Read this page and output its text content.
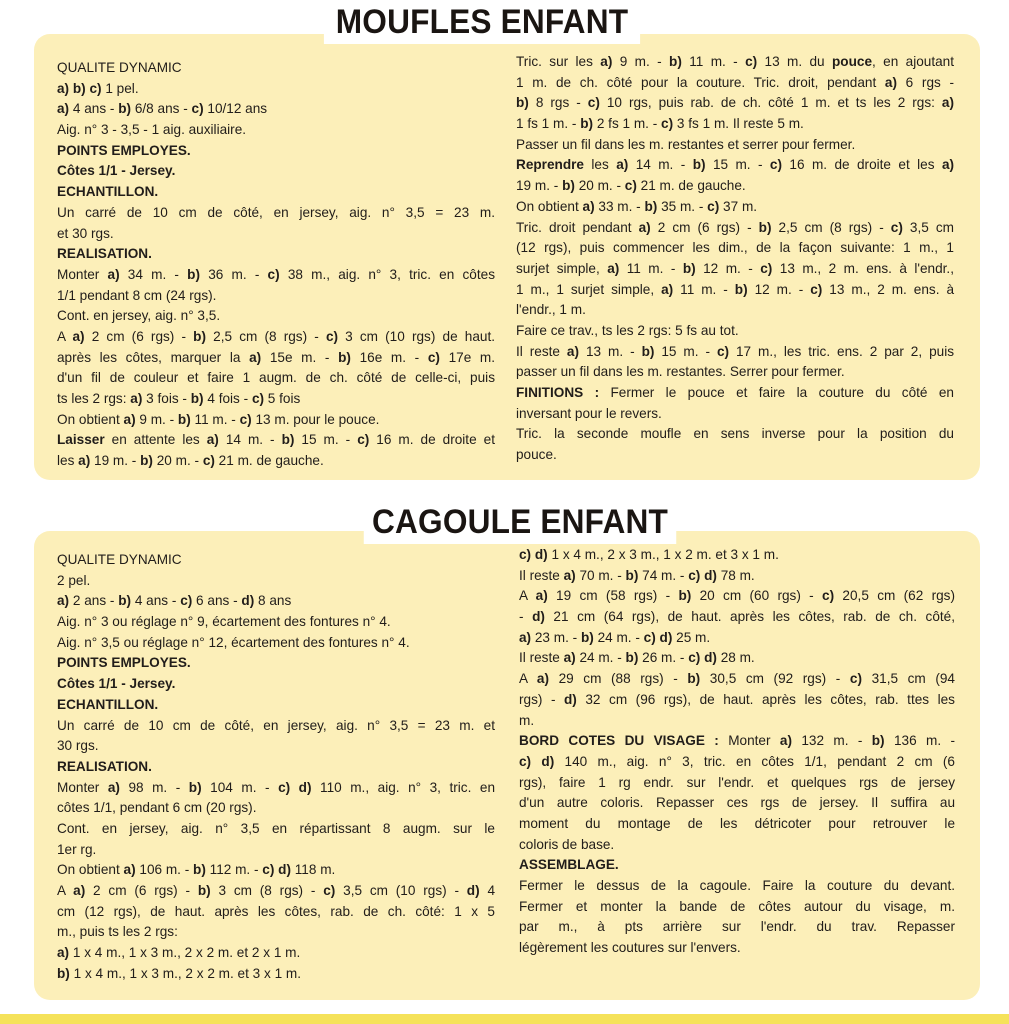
MOUFLES ENFANT
CAGOULE ENFANT
QUALITE DYNAMIC
a) b) c) 1 pel.
a) 4 ans - b) 6/8 ans - c) 10/12 ans
Aig. n° 3 - 3,5 - 1 aig. auxiliaire.
POINTS EMPLOYES.
Côtes 1/1 - Jersey.
ECHANTILLON.
Un carré de 10 cm de côté, en jersey, aig. n° 3,5 = 23 m.
et 30 rgs.
REALISATION.
Monter a) 34 m. - b) 36 m. - c) 38 m., aig. n° 3, tric. en côtes
1/1 pendant 8 cm (24 rgs).
Cont. en jersey, aig. n° 3,5.
A a) 2 cm (6 rgs) - b) 2,5 cm (8 rgs) - c) 3 cm (10 rgs) de haut.
après les côtes, marquer la a) 15e m. - b) 16e m. - c) 17e m.
d'un fil de couleur et faire 1 augm. de ch. côté de celle-ci, puis
ts les 2 rgs: a) 3 fois - b) 4 fois - c) 5 fois
On obtient a) 9 m. - b) 11 m. - c) 13 m. pour le pouce.
Laisser en attente les a) 14 m. - b) 15 m. - c) 16 m. de droite et
les a) 19 m. - b) 20 m. - c) 21 m. de gauche.
Tric. sur les a) 9 m. - b) 11 m. - c) 13 m. du pouce, en ajoutant
1 m. de ch. côté pour la couture. Tric. droit, pendant a) 6 rgs -
b) 8 rgs - c) 10 rgs, puis rab. de ch. côté 1 m. et ts les 2 rgs: a)
1 fs 1 m. - b) 2 fs 1 m. - c) 3 fs 1 m. Il reste 5 m.
Passer un fil dans les m. restantes et serrer pour fermer.
Reprendre les a) 14 m. - b) 15 m. - c) 16 m. de droite et les a)
19 m. - b) 20 m. - c) 21 m. de gauche.
On obtient a) 33 m. - b) 35 m. - c) 37 m.
Tric. droit pendant a) 2 cm (6 rgs) - b) 2,5 cm (8 rgs) - c) 3,5 cm
(12 rgs), puis commencer les dim., de la façon suivante: 1 m., 1
surjet simple, a) 11 m. - b) 12 m. - c) 13 m., 2 m. ens. à l'endr.,
1 m., 1 surjet simple, a) 11 m. - b) 12 m. - c) 13 m., 2 m. ens. à
l'endr., 1 m.
Faire ce trav., ts les 2 rgs: 5 fs au tot.
Il reste a) 13 m. - b) 15 m. - c) 17 m., les tric. ens. 2 par 2, puis
passer un fil dans les m. restantes. Serrer pour fermer.
FINITIONS : Fermer le pouce et faire la couture du côté en
inversant pour le revers.
Tric. la seconde moufle en sens inverse pour la position du
pouce.
QUALITE DYNAMIC
2 pel.
a) 2 ans - b) 4 ans - c) 6 ans - d) 8 ans
Aig. n° 3 ou réglage n° 9, écartement des fontures n° 4.
Aig. n° 3,5 ou réglage n° 12, écartement des fontures n° 4.
POINTS EMPLOYES.
Côtes 1/1 - Jersey.
ECHANTILLON.
Un carré de 10 cm de côté, en jersey, aig. n° 3,5 = 23 m. et
30 rgs.
REALISATION.
Monter a) 98 m. - b) 104 m. - c) d) 110 m., aig. n° 3, tric. en
côtes 1/1, pendant 6 cm (20 rgs).
Cont. en jersey, aig. n° 3,5 en répartissant 8 augm. sur le
1er rg.
On obtient a) 106 m. - b) 112 m. - c) d) 118 m.
A a) 2 cm (6 rgs) - b) 3 cm (8 rgs) - c) 3,5 cm (10 rgs) - d) 4
cm (12 rgs), de haut. après les côtes, rab. de ch. côté: 1 x 5
m., puis ts les 2 rgs:
a) 1 x 4 m., 1 x 3 m., 2 x 2 m. et 2 x 1 m.
b) 1 x 4 m., 1 x 3 m., 2 x 2 m. et 3 x 1 m.
c) d) 1 x 4 m., 2 x 3 m., 1 x 2 m. et 3 x 1 m.
Il reste a) 70 m. - b) 74 m. - c) d) 78 m.
A a) 19 cm (58 rgs) - b) 20 cm (60 rgs) - c) 20,5 cm (62 rgs)
- d) 21 cm (64 rgs), de haut. après les côtes, rab. de ch. côté,
a) 23 m. - b) 24 m. - c) d) 25 m.
Il reste a) 24 m. - b) 26 m. - c) d) 28 m.
A a) 29 cm (88 rgs) - b) 30,5 cm (92 rgs) - c) 31,5 cm (94
rgs) - d) 32 cm (96 rgs), de haut. après les côtes, rab. ttes les
m.
BORD COTES DU VISAGE : Monter a) 132 m. - b) 136 m. -
c) d) 140 m., aig. n° 3, tric. en côtes 1/1, pendant 2 cm (6
rgs), faire 1 rg endr. sur l'endr. et quelques rgs de jersey
d'un autre coloris. Repasser ces rgs de jersey. Il suffira au
moment du montage de les détricoter pour retrouver le
coloris de base.
ASSEMBLAGE.
Fermer le dessus de la cagoule. Faire la couture du devant.
Fermer et monter la bande de côtes autour du visage, m.
par m., à pts arrière sur l'endr. du trav. Repasser
légèrement les coutures sur l'envers.
